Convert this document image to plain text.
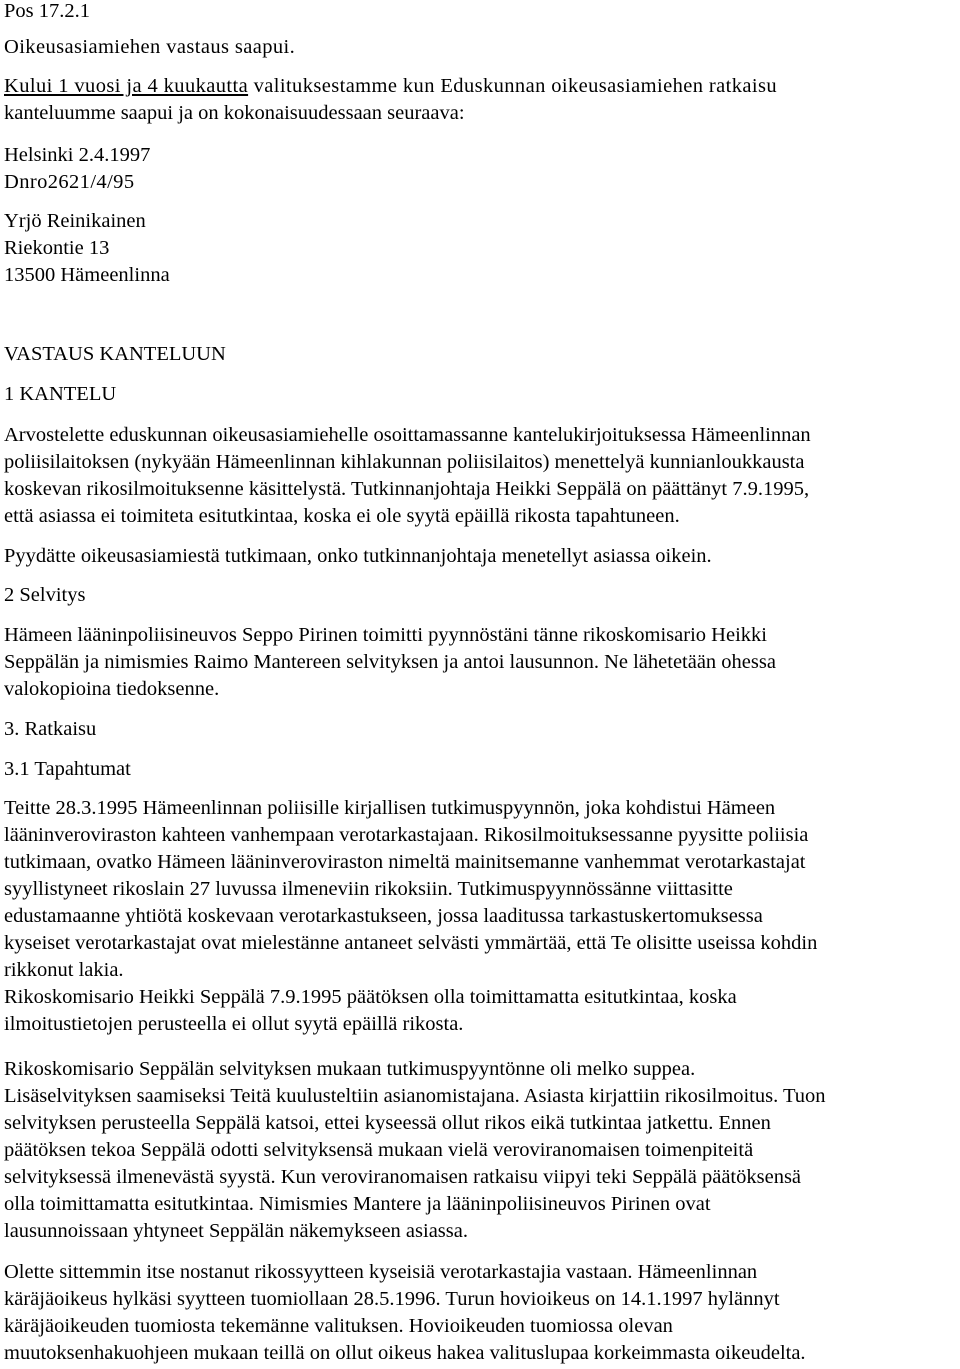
Pos 17.2.1
Oikeusasiamiehen vastaus saapui.
Kului 1 vuosi ja 4 kuukautta valituksestamme kun Eduskunnan oikeusasiamiehen ratkaisu
kanteluumme saapui ja on kokonaisuudessaan seuraava:
Helsinki 2.4.1997
Dnro2621/4/95
Yrjö Reinikainen
Riekontie 13
13500 Hämeenlinna
VASTAUS KANTELUUN
1 KANTELU
Arvostelette eduskunnan oikeusasiamiehelle osoittamassanne kantelukirjoituksessa Hämeenlinnan
poliisilaitoksen (nykyään Hämeenlinnan kihlakunnan poliisilaitos) menettelyä kunnianloukkausta
koskevan rikosilmoituksenne käsittelystä. Tutkinnanjohtaja Heikki Seppälä on päättänyt 7.9.1995,
että asiassa ei toimiteta esitutkintaa, koska ei ole syytä epäillä rikosta tapahtuneen.
Pyydätte oikeusasiamiestä tutkimaan, onko tutkinnanjohtaja menetellyt asiassa oikein.
2 Selvitys
Hämeen lääninpoliisineuvos Seppo Pirinen toimitti pyynnöstäni tänne rikoskomisario Heikki
Seppälän ja nimismies Raimo Mantereen selvityksen ja antoi lausunnon. Ne lähetetään ohessa
valokopioina tiedoksenne.
3. Ratkaisu
3.1 Tapahtumat
Teitte 28.3.1995 Hämeenlinnan poliisille kirjallisen tutkimuspyynnön, joka kohdistui Hämeen
lääninveroviraston kahteen vanhempaan verotarkastajaan. Rikosilmoituksessanne pyysitte poliisia
tutkimaan, ovatko Hämeen lääninveroviraston nimeltä mainitsemanne vanhemmat verotarkastajat
syyllistyneet rikoslain 27 luvussa ilmeneviin rikoksiin. Tutkimuspyynnössänne viittasitte
edustamaanne yhtiötä koskevaan verotarkastukseen, jossa laaditussa tarkastuskertomuksessa
kyseiset verotarkastajat ovat mielestänne antaneet selvästi ymmärtää, että Te olisitte useissa kohdin
rikkonut lakia.
Rikoskomisario Heikki Seppälä 7.9.1995 päätöksen olla toimittamatta esitutkintaa, koska
ilmoitustietojen perusteella ei ollut syytä epäillä rikosta.
Rikoskomisario Seppälän selvityksen mukaan tutkimuspyyntönne oli melko suppea.
Lisäselvityksen saamiseksi Teitä kuulusteltiin asianomistajana. Asiasta kirjattiin rikosilmoitus. Tuon
selvityksen perusteella Seppälä katsoi, ettei kyseessä ollut rikos eikä tutkintaa jatkettu. Ennen
päätöksen tekoa Seppälä odotti selvityksensä mukaan vielä veroviranomaisen toimenpiteitä
selvityksessä ilmenevästä syystä. Kun veroviranomaisen ratkaisu viipyi teki Seppälä päätöksensä
olla toimittamatta esitutkintaa. Nimismies Mantere ja lääninpoliisineuvos Pirinen ovat
lausunnoissaan yhtyneet Seppälän näkemykseen asiassa.
Olette sittemmin itse nostanut rikossyytteen kyseisiä verotarkastajia vastaan. Hämeenlinnan
käräjäoikeus hylkäsi syytteen tuomiollaan 28.5.1996. Turun hovioikeus on 14.1.1997 hylännyt
käräjäoikeuden tuomiosta tekemänne valituksen. Hovioikeuden tuomiossa olevan
muutoksenhakuohjeen mukaan teillä on ollut oikeus hakea valituslupaa korkeimmasta oikeudelta.
